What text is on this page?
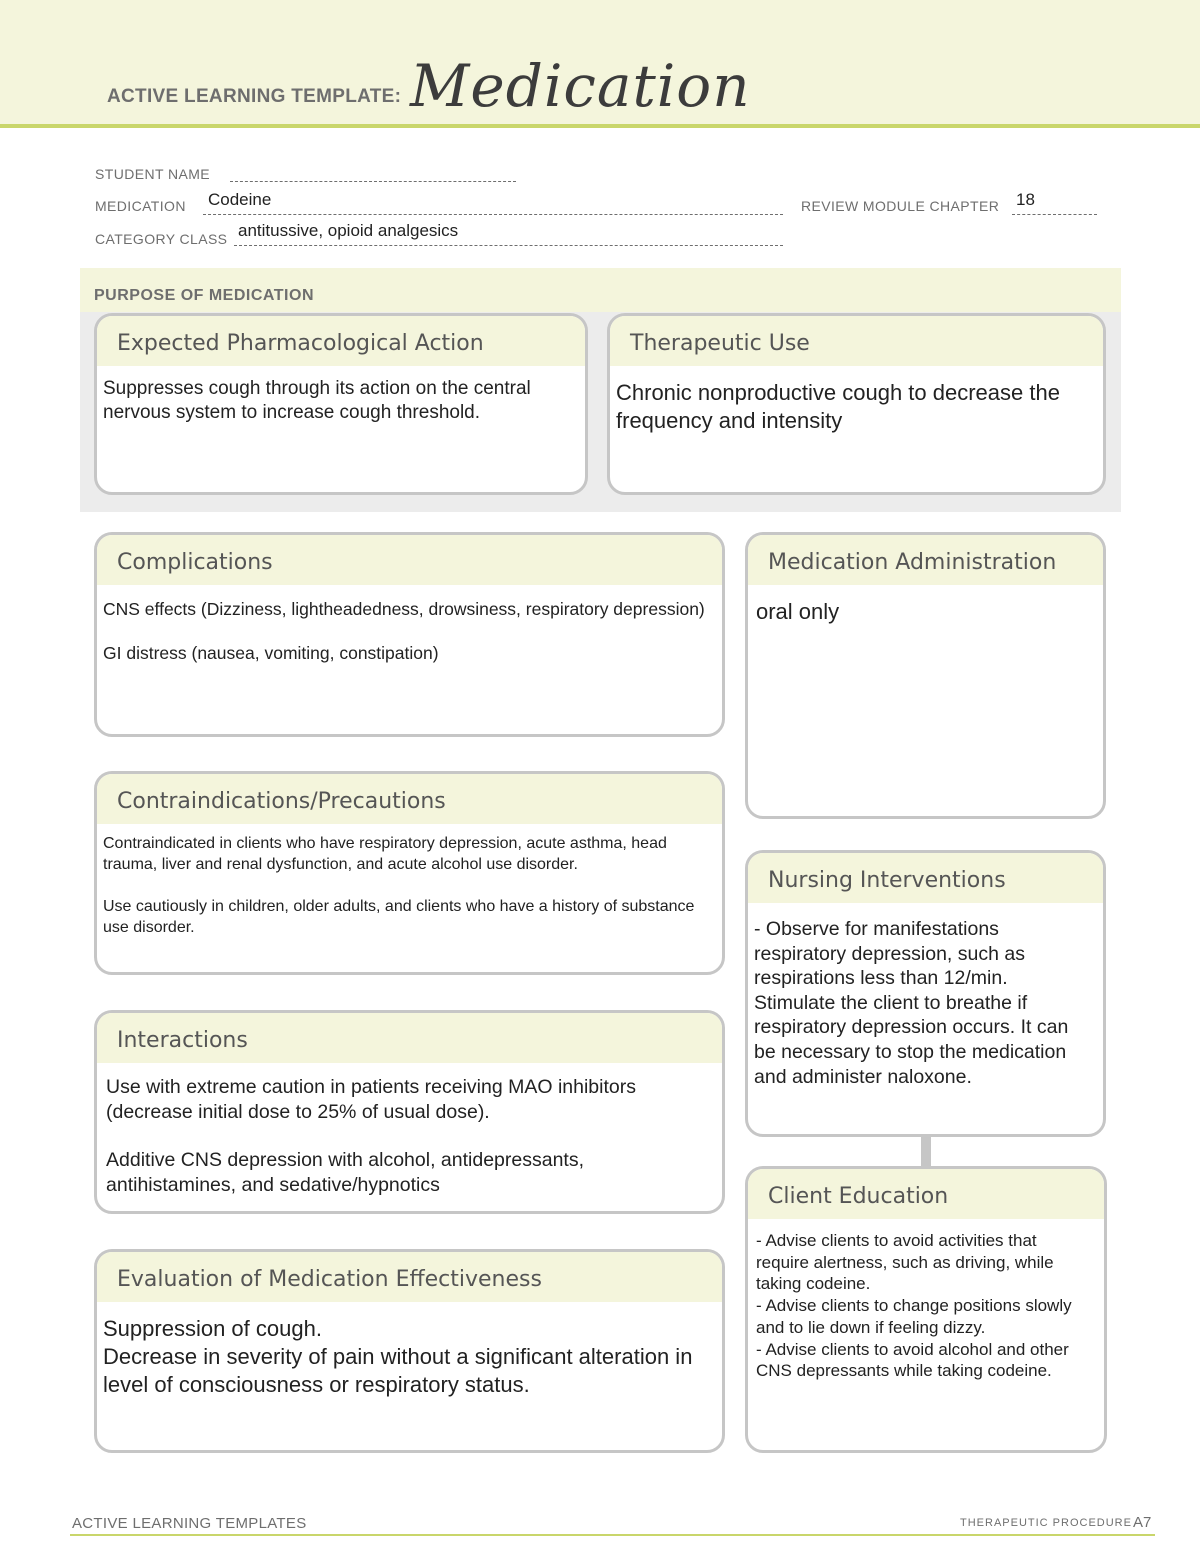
ACTIVE LEARNING TEMPLATE: Medication
STUDENT NAME
MEDICATION Codeine	REVIEW MODULE CHAPTER 18
CATEGORY CLASS antitussive, opioid analgesics
PURPOSE OF MEDICATION
Expected Pharmacological Action

Suppresses cough through its action on the central nervous system to increase cough threshold.

Therapeutic Use

Chronic nonproductive cough to decrease the frequency and intensity

Complications

CNS effects (Dizziness, lightheadedness, drowsiness, respiratory depression)

GI distress (nausea, vomiting, constipation)

Medication Administration

oral only

Contraindications/Precautions

Contraindicated in clients who have respiratory depression, acute asthma, head trauma, liver and renal dysfunction, and acute alcohol use disorder.

Use cautiously in children, older adults, and clients who have a history of substance use disorder.

Nursing Interventions

- Observe for manifestations respiratory depression, such as respirations less than 12/min. Stimulate the client to breathe if respiratory depression occurs. It can be necessary to stop the medication and administer naloxone.

Interactions

Use with extreme caution in patients receiving MAO inhibitors (decrease initial dose to 25% of usual dose).

Additive CNS depression with alcohol, antidepressants, antihistamines, and sedative/hypnotics	Client Education

- Advise clients to avoid activities that require alertness, such as driving, while taking codeine.

- Advise clients to change positions slowly and to lie down if feeling dizzy.

- Advise clients to avoid alcohol and other CNS depressants while taking codeine.

Evaluation of Medication Effectiveness

Suppression of cough.

Decrease in severity of pain without a significant alteration in level of consciousness or respiratory status.

ACTIVE LEARNING TEMPLATES	THERAPEUTIC PROCEDURE A7
